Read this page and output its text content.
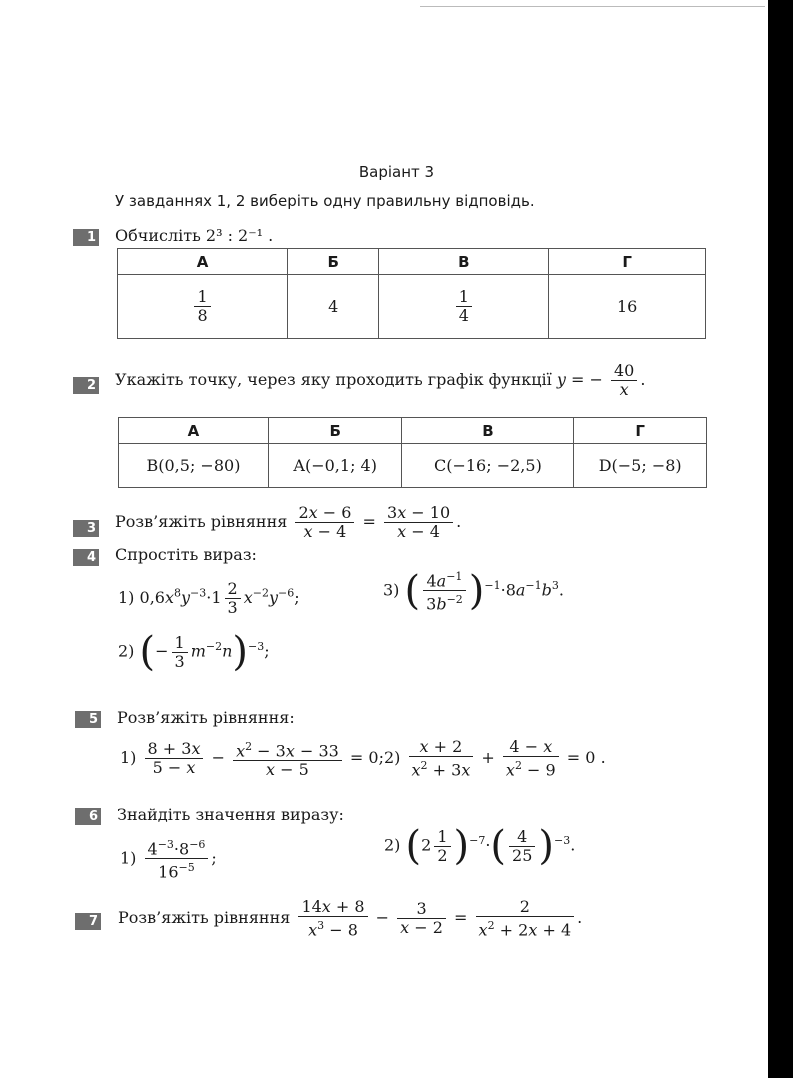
Варіант 3
У завданнях 1, 2 виберіть одну правильну відповідь.
1 Обчисліть 2³ : 2⁻¹ .
А	Б	В	Г

$\frac{1}{8}$	4	$\frac{1}{4}$	16
2 Укажіть точку, через яку проходить графік функції y = − $\frac{40}{x}$ .
А	Б	В	Г
B(0,5; −80)	A(−0,1; 4)	C(−16; −2,5)	D(−5; −8)
3 Розв’яжіть рівняння $\frac{2x - 6}{x - 4} = \frac{3x - 10}{x - 4}$ .
4 Спростіть вираз:
1) $0,6x^8y^{-3}\cdot 1 \frac{2}{3} x^{-2}y^{-6}$;	3) ( $\frac{4a^{-1}}{3b^{-2}} )^{-1}\cdot 8a^{-1}b^3$.
2) (− $\frac{1}{3} m^{-2}n)^{-3}$;
5 Розв’яжіть рівняння:
$1) \frac{8 + 3x}{5 - x} - \frac{x^2 - 3x - 33}{x - 5} = 0$; $2) \frac{x + 2}{x^2 + 3x} + \frac{4 - x}{x^2 - 9} = 0$ .
6 Знайдіть значення виразу:
$1) \frac{4^{-3}\cdot 8^{-6}}{16^{-5}}$ ;
2) $(2 \frac{1}{2} )^{-7}\cdot( \frac{4}{25} )^{-3}$.
7 Розв’яжіть рівняння $\frac{14x + 8}{x^3 - 8} - \frac{3}{x - 2} = \frac{2}{x^2 + 2x + 4}$ .
